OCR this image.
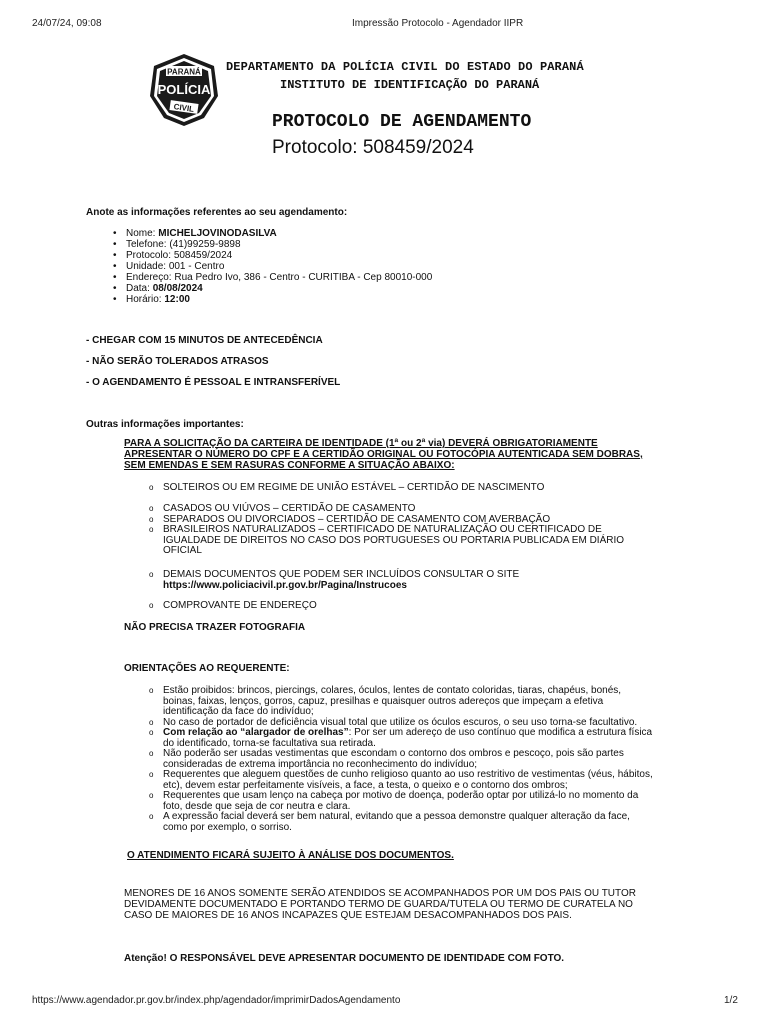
24/07/24, 09:08	Impressão Protocolo - Agendador IIPR
PARANÁ
POLÍCIA
CIVIL
DEPARTAMENTO DA POLÍCIA CIVIL DO ESTADO DO PARANÁ
INSTITUTO DE IDENTIFICAÇÃO DO PARANÁ
PROTOCOLO DE AGENDAMENTO
Protocolo: 508459/2024
Anote as informações referentes ao seu agendamento:
• Nome: MICHELJOVINODASILVA
• Telefone: (41)99259-9898
• Protocolo: 508459/2024
• Unidade: 001 - Centro
• Endereço: Rua Pedro Ivo, 386 - Centro - CURITIBA - Cep 80010-000
• Data: 08/08/2024
• Horário: 12:00
- CHEGAR COM 15 MINUTOS DE ANTECEDÊNCIA
- NÃO SERÃO TOLERADOS ATRASOS
- O AGENDAMENTO É PESSOAL E INTRANSFERÍVEL
Outras informações importantes:
PARA A SOLICITAÇÃO DA CARTEIRA DE IDENTIDADE (1ª ou 2ª via) DEVERÁ OBRIGATORIAMENTE
APRESENTAR O NÚMERO DO CPF E A CERTIDÃO ORIGINAL OU FOTOCÓPIA AUTENTICADA SEM DOBRAS,
SEM EMENDAS E SEM RASURAS CONFORME A SITUAÇÃO ABAIXO:
o SOLTEIROS OU EM REGIME DE UNIÃO ESTÁVEL – CERTIDÃO DE NASCIMENTO
o CASADOS OU VIÚVOS – CERTIDÃO DE CASAMENTO
o SEPARADOS OU DIVORCIADOS – CERTIDÃO DE CASAMENTO COM AVERBAÇÃO
o BRASILEIROS NATURALIZADOS – CERTIFICADO DE NATURALIZAÇÃO OU CERTIFICADO DE
IGUALDADE DE DIREITOS NO CASO DOS PORTUGUESES OU PORTARIA PUBLICADA EM DIÁRIO
OFICIAL
o DEMAIS DOCUMENTOS QUE PODEM SER INCLUÍDOS CONSULTAR O SITE
https://www.policiacivil.pr.gov.br/Pagina/Instrucoes
o COMPROVANTE DE ENDEREÇO
NÃO PRECISA TRAZER FOTOGRAFIA
ORIENTAÇÕES AO REQUERENTE:
o Estão proibidos: brincos, piercings, colares, óculos, lentes de contato coloridas, tiaras, chapéus, bonés,
boinas, faixas, lenços, gorros, capuz, presilhas e quaisquer outros adereços que impeçam a efetiva
identificação da face do indivíduo;
o No caso de portador de deficiência visual total que utilize os óculos escuros, o seu uso torna-se facultativo.
o Com relação ao “alargador de orelhas”: Por ser um adereço de uso contínuo que modifica a estrutura física
do identificado, torna-se facultativa sua retirada.
o Não poderão ser usadas vestimentas que escondam o contorno dos ombros e pescoço, pois são partes
consideradas de extrema importância no reconhecimento do indivíduo;
o Requerentes que aleguem questões de cunho religioso quanto ao uso restritivo de vestimentas (véus, hábitos,
etc), devem estar perfeitamente visíveis, a face, a testa, o queixo e o contorno dos ombros;
o Requerentes que usam lenço na cabeça por motivo de doença, poderão optar por utilizá-lo no momento da
foto, desde que seja de cor neutra e clara.
o A expressão facial deverá ser bem natural, evitando que a pessoa demonstre qualquer alteração da face,
como por exemplo, o sorriso.
O ATENDIMENTO FICARÁ SUJEITO À ANÁLISE DOS DOCUMENTOS.
MENORES DE 16 ANOS SOMENTE SERÃO ATENDIDOS SE ACOMPANHADOS POR UM DOS PAIS OU TUTOR
DEVIDAMENTE DOCUMENTADO E PORTANDO TERMO DE GUARDA/TUTELA OU TERMO DE CURATELA NO
CASO DE MAIORES DE 16 ANOS INCAPAZES QUE ESTEJAM DESACOMPANHADOS DOS PAIS.
Atenção! O RESPONSÁVEL DEVE APRESENTAR DOCUMENTO DE IDENTIDADE COM FOTO.
https://www.agendador.pr.gov.br/index.php/agendador/imprimirDadosAgendamento	1/2
